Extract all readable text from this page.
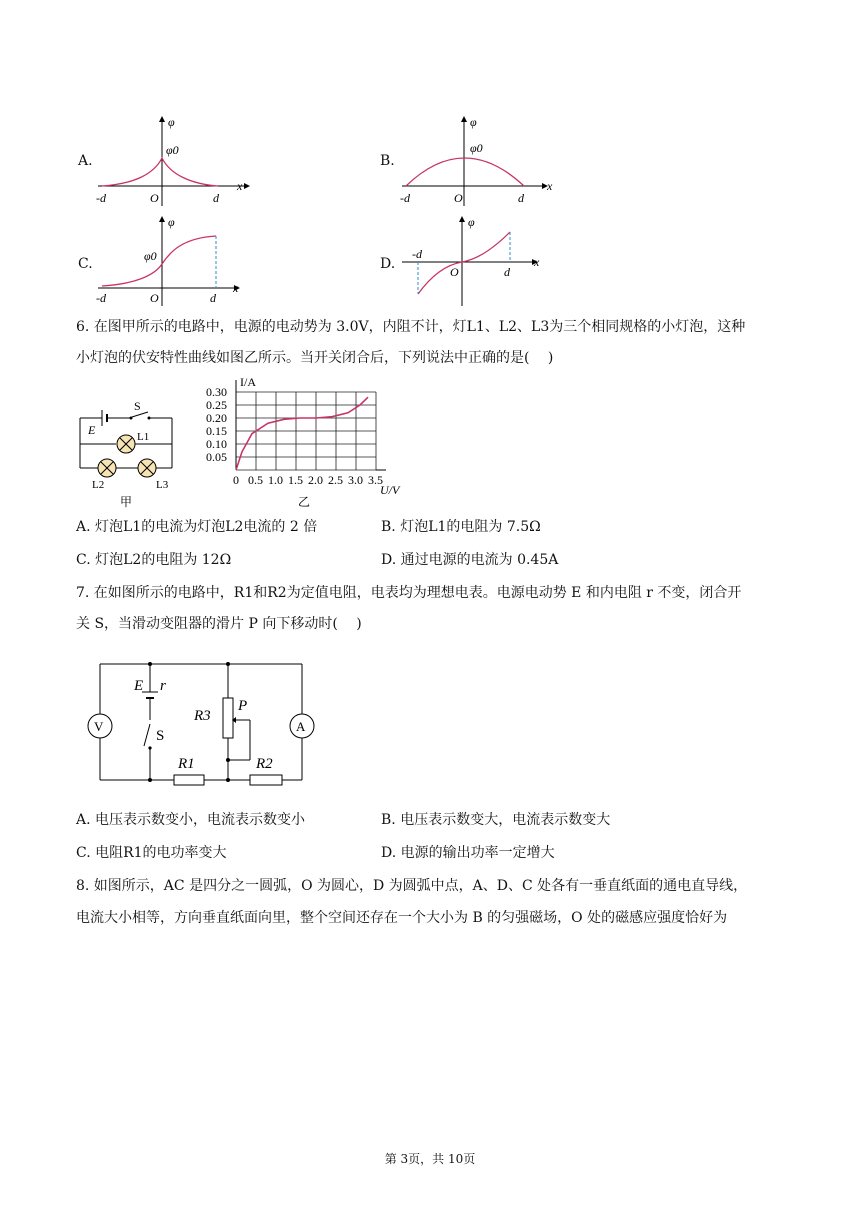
A.
φ
φ0
x
-d	O	d
B.
φ
φ0
x
-d	O	d
C.
φ
φ0
x
-d	O	d
D.
φ
x
-d
O	d
6. 在图甲所示的电路中，电源的电动势为 3.0V，内阻不计，灯L1、L2、L3为三个相同规格的小灯泡，这种
小灯泡的伏安特性曲线如图乙所示。当开关闭合后，下列说法中正确的是(　 )
S
E	L1
L2	L3
甲
I/A
U/V
乙
0.30
0.25
0.20
0.15
0.10
0.05
0 0.5 1.0 1.5 2.0 2.5 3.0 3.5
A. 灯泡L1的电流为灯泡L2电流的 2 倍	B. 灯泡L1的电阻为 7.5Ω
C. 灯泡L2的电阻为 12Ω	D. 通过电源的电流为 0.45A
7. 在如图所示的电路中，R1和R2为定值电阻，电表均为理想电表。电源电动势 E 和内电阻 r 不变，闭合开
关 S，当滑动变阻器的滑片 P 向下移动时(　 )
V	A
E r
S
R3
P
R1	R2
A. 电压表示数变小，电流表示数变小	B. 电压表示数变大，电流表示数变大
C. 电阻R1的电功率变大	D. 电源的输出功率一定增大
8. 如图所示，AC 是四分之一圆弧，O 为圆心，D 为圆弧中点，A、D、C 处各有一垂直纸面的通电直导线，
电流大小相等，方向垂直纸面向里，整个空间还存在一个大小为 B 的匀强磁场，O 处的磁感应强度恰好为
第 3页，共 10页
